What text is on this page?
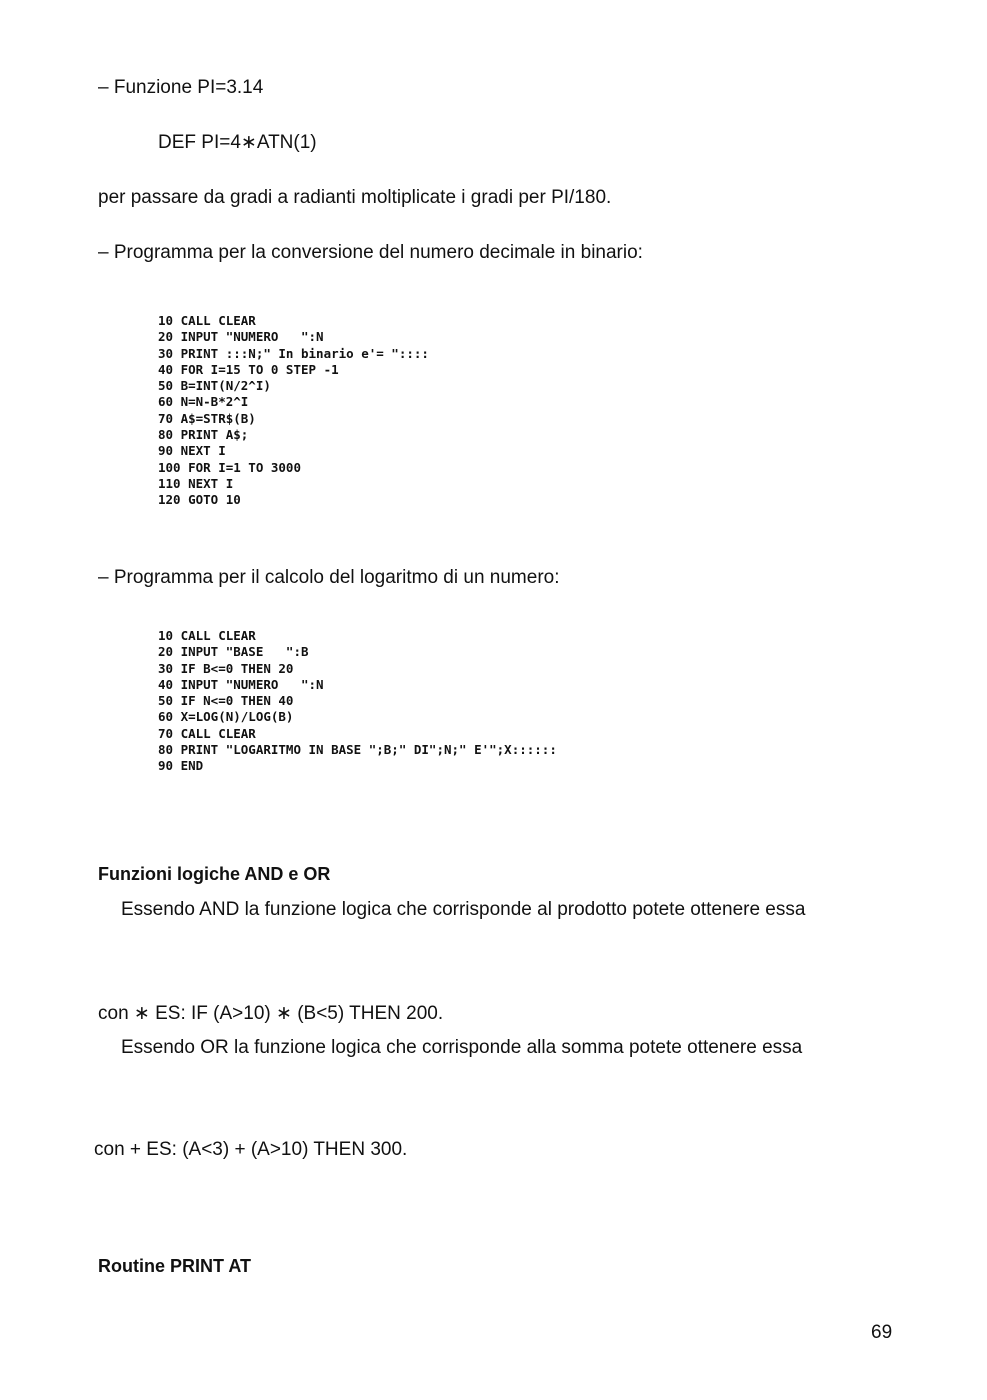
– Funzione PI=3.14
DEF PI=4∗ATN(1)
per passare da gradi a radianti moltiplicate i gradi per PI/180.
– Programma per la conversione del numero decimale in binario:
10 CALL CLEAR
20 INPUT "NUMERO   ":N
30 PRINT :::N;" In binario e'= "::::
40 FOR I=15 TO 0 STEP -1
50 B=INT(N/2^I)
60 N=N-B*2^I
70 A$=STR$(B)
80 PRINT A$;
90 NEXT I
100 FOR I=1 TO 3000
110 NEXT I
120 GOTO 10
– Programma per il calcolo del logaritmo di un numero:
10 CALL CLEAR
20 INPUT "BASE   ":B
30 IF B<=0 THEN 20
40 INPUT "NUMERO   ":N
50 IF N<=0 THEN 40
60 X=LOG(N)/LOG(B)
70 CALL CLEAR
80 PRINT "LOGARITMO IN BASE ";B;" DI";N;" E'";X::::::
90 END
Funzioni logiche AND e OR
Essendo AND la funzione logica che corrisponde al prodotto potete ottenere essa
con ∗ ES: IF (A>10) ∗ (B<5) THEN 200.
Essendo OR la funzione logica che corrisponde alla somma potete ottenere essa
con + ES: (A<3) + (A>10) THEN 300.
Routine PRINT AT
69
